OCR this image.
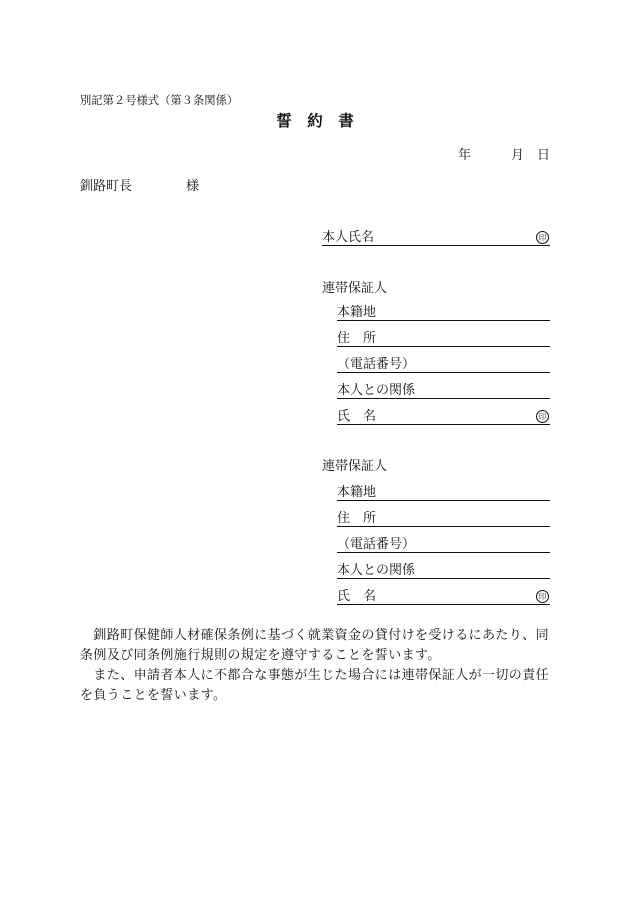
別記第２号様式（第３条関係）
誓　約　書
年	月 日
釧路町長	様

本人氏名

	印

連帯保証人

本籍地

住　所

（電話番号）

本人との関係

氏　名

	印

連帯保証人

本籍地

住　所

（電話番号）

本人との関係

氏　名

	印

　釧路町保健師人材確保条例に基づく就業資金の貸付けを受けるにあたり、同
条例及び同条例施行規則の規定を遵守することを誓います。
　また、申請者本人に不都合な事態が生じた場合には連帯保証人が一切の責任
を負うことを誓います。
